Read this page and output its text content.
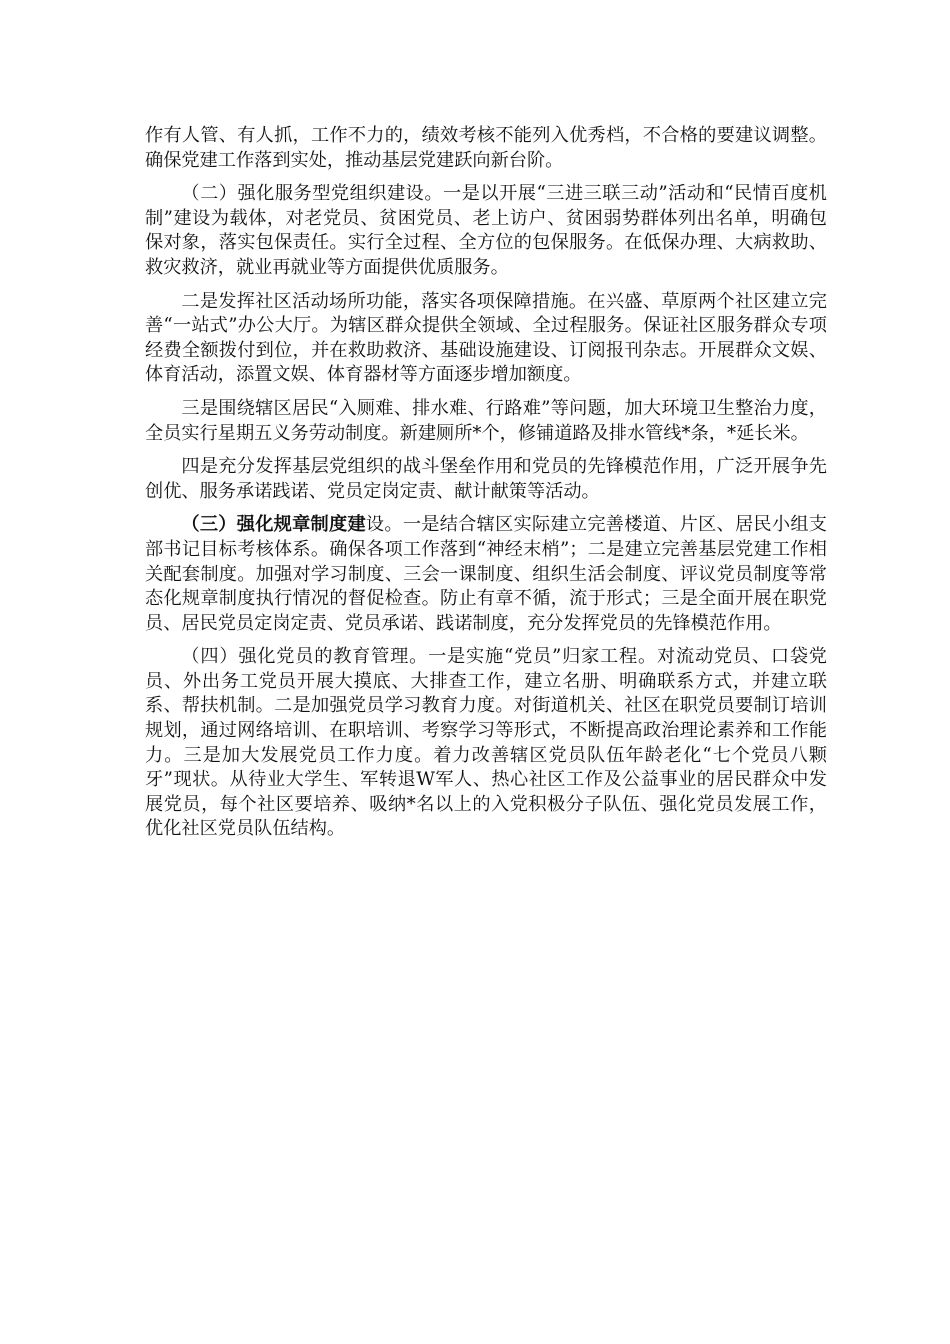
作有人管、有人抓，工作不力的，绩效考核不能列入优秀档，不合格的要建议调整。确保党建工作落到实处，推动基层党建跃向新台阶。

（二）强化服务型党组织建设。一是以开展“三进三联三动”活动和“民情百度机制”建设为载体，对老党员、贫困党员、老上访户、贫困弱势群体列出名单，明确包保对象，落实包保责任。实行全过程、全方位的包保服务。在低保办理、大病救助、救灾救济，就业再就业等方面提供优质服务。

二是发挥社区活动场所功能，落实各项保障措施。在兴盛、草原两个社区建立完善“一站式”办公大厅。为辖区群众提供全领域、全过程服务。保证社区服务群众专项经费全额拨付到位，并在救助救济、基础设施建设、订阅报刊杂志。开展群众文娱、体育活动，添置文娱、体育器材等方面逐步增加额度。

三是围绕辖区居民“入厕难、排水难、行路难”等问题，加大环境卫生整治力度，全员实行星期五义务劳动制度。新建厕所*个，修铺道路及排水管线*条，*延长米。

四是充分发挥基层党组织的战斗堡垒作用和党员的先锋模范作用，广泛开展争先创优、服务承诺践诺、党员定岗定责、献计献策等活动。

（三）强化规章制度建设。一是结合辖区实际建立完善楼道、片区、居民小组支部书记目标考核体系。确保各项工作落到“神经末梢”；二是建立完善基层党建工作相关配套制度。加强对学习制度、三会一课制度、组织生活会制度、评议党员制度等常态化规章制度执行情况的督促检查。防止有章不循，流于形式；三是全面开展在职党员、居民党员定岗定责、党员承诺、践诺制度，充分发挥党员的先锋模范作用。

（四）强化党员的教育管理。一是实施“党员”归家工程。对流动党员、口袋党员、外出务工党员开展大摸底、大排查工作，建立名册、明确联系方式，并建立联系、帮扶机制。二是加强党员学习教育力度。对街道机关、社区在职党员要制订培训规划，通过网络培训、在职培训、考察学习等形式，不断提高政治理论素养和工作能力。三是加大发展党员工作力度。着力改善辖区党员队伍年龄老化“七个党员八颗牙”现状。从待业大学生、军转退W军人、热心社区工作及公益事业的居民群众中发展党员，每个社区要培养、吸纳*名以上的入党积极分子队伍、强化党员发展工作，优化社区党员队伍结构。
